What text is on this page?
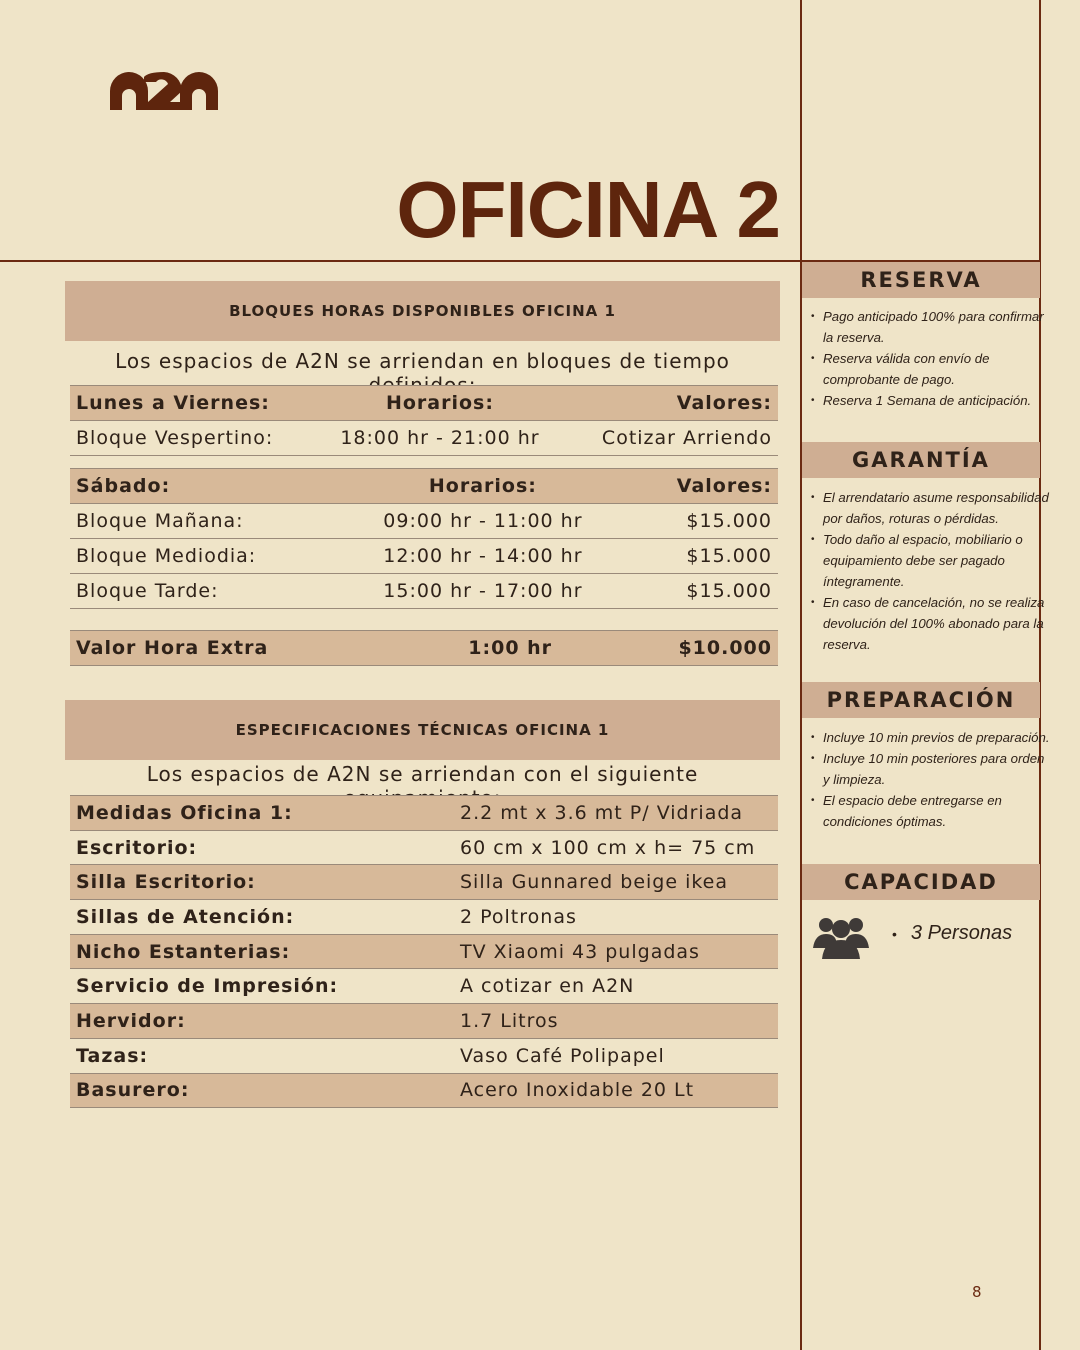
OFICINA 2
BLOQUES HORAS DISPONIBLES OFICINA 1
Los espacios de A2N se arriendan en bloques de tiempo
Lunes a Viernes:	Horarios:	Valores:
Bloque Vespertino:	18:00 hr - 21:00 hr	Cotizar Arriendo
Sábado:	Horarios:	Valores:
Bloque Mañana:	09:00 hr - 11:00 hr	$15.000
Bloque Mediodia:	12:00 hr - 14:00 hr	$15.000
Bloque Tarde:	15:00 hr - 17:00 hr	$15.000
Valor Hora Extra	1:00 hr	$10.000
ESPECIFICACIONES TÉCNICAS OFICINA 1
Los espacios de A2N se arriendan con el siguiente
Medidas Oficina 1:	2.2 mt x 3.6 mt P/ Vidriada
Escritorio:	60 cm x 100 cm x h= 75 cm
Silla Escritorio:	Silla Gunnared beige ikea
Sillas de Atención:	2 Poltronas
Nicho Estanterias:	TV Xiaomi 43 pulgadas
Servicio de Impresión:	A cotizar en A2N
Hervidor:	1.7 Litros
Tazas:	Vaso Café Polipapel
Basurero:	Acero Inoxidable 20 Lt
RESERVA
• Pago anticipado 100% para confirmar la reserva.
• Reserva válida con envío de comprobante de pago.
• Reserva 1 Semana de anticipación.
GARANTÍA
• El arrendatario asume responsabilidad por daños, roturas o pérdidas.
• Todo daño al espacio, mobiliario o equipamiento debe ser pagado íntegramente.
• En caso de cancelación, no se realiza devolución del 100% abonado para la reserva.
PREPARACIÓN
• Incluye 10 min previos de preparación.
• Incluye 10 min posteriores para orden y limpieza.
• El espacio debe entregarse en condiciones óptimas.
CAPACIDAD
• 3 Personas
8
